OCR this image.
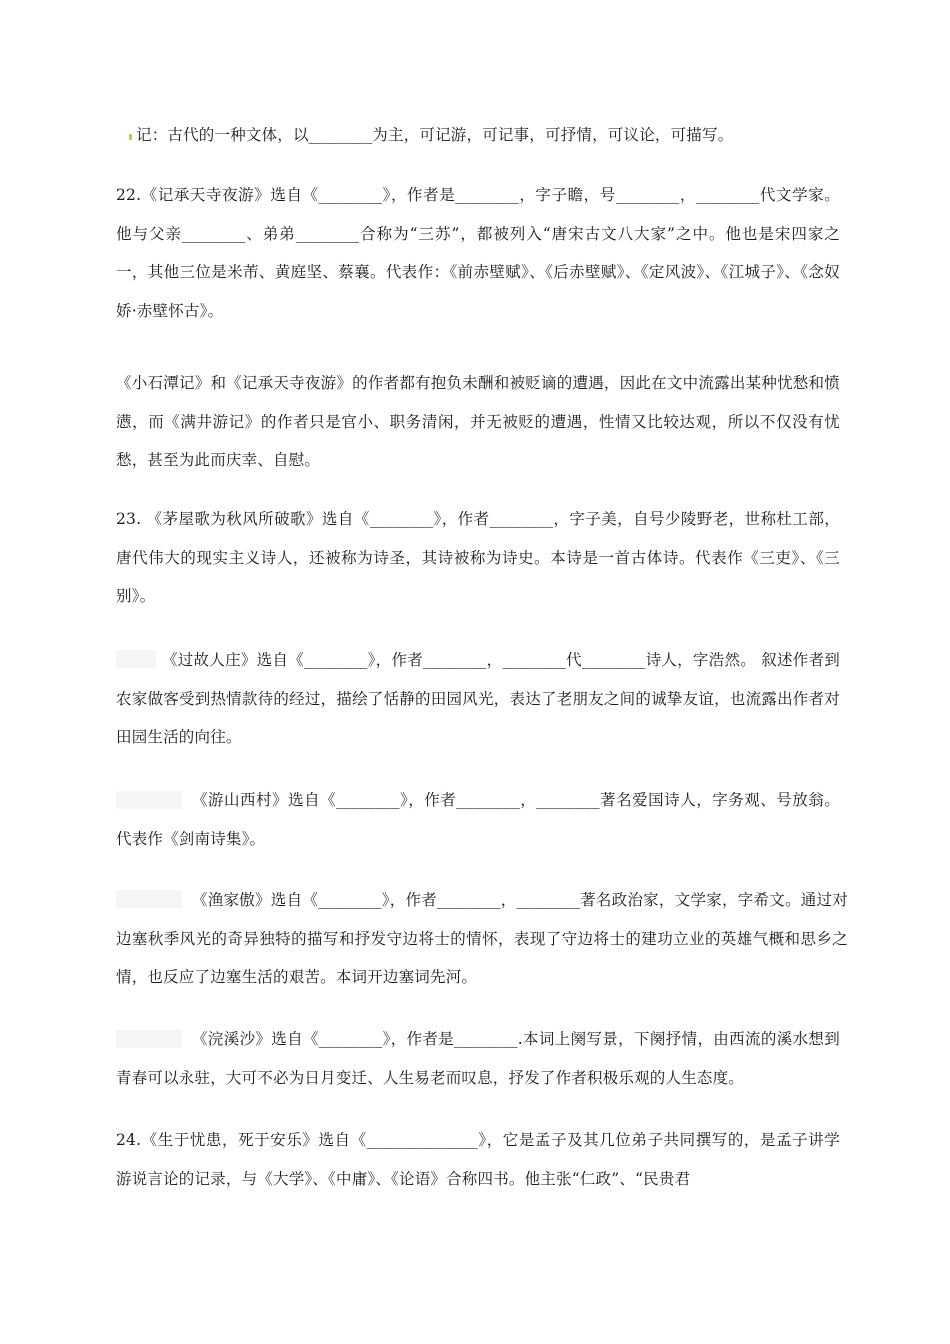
记：古代的一种文体，以________为主，可记游，可记事，可抒情，可议论，可描写。

22.《记承天寺夜游》选自《________》，作者是________，字子瞻，号________，________代文学家。他与父亲________、弟弟________合称为“三苏”，都被列入“唐宋古文八大家”之中。他也是宋四家之一，其他三位是米芾、黄庭坚、蔡襄。代表作：《前赤壁赋》、《后赤壁赋》、《定风波》、《江城子》、《念奴娇·赤壁怀古》。

《小石潭记》和《记承天寺夜游》的作者都有抱负未酬和被贬谪的遭遇，因此在文中流露出某种忧愁和愤懑，而《满井游记》的作者只是官小、职务清闲，并无被贬的遭遇，性情又比较达观，所以不仅没有忧愁，甚至为此而庆幸、自慰。

23. 《茅屋歌为秋风所破歌》选自《________》，作者________，字子美，自号少陵野老，世称杜工部，唐代伟大的现实主义诗人，还被称为诗圣，其诗被称为诗史。本诗是一首古体诗。代表作《三吏》、《三别》。

《过故人庄》选自《________》，作者________，________代________诗人，字浩然。 叙述作者到农家做客受到热情款待的经过，描绘了恬静的田园风光，表达了老朋友之间的诚挚友谊，也流露出作者对田园生活的向往。

《游山西村》选自《________》，作者________，________著名爱国诗人，字务观、号放翁。代表作《剑南诗集》。

《渔家傲》选自《________》，作者________，________著名政治家，文学家，字希文。通过对边塞秋季风光的奇异独特的描写和抒发守边将士的情怀，表现了守边将士的建功立业的英雄气概和思乡之情，也反应了边塞生活的艰苦。本词开边塞词先河。

《浣溪沙》选自《________》，作者是________.本词上阕写景，下阕抒情，由西流的溪水想到青春可以永驻，大可不必为日月变迁、人生易老而叹息，抒发了作者积极乐观的人生态度。

24.《生于忧患，死于安乐》选自《______________》，它是孟子及其几位弟子共同撰写的，是孟子讲学游说言论的记录，与《大学》、《中庸》、《论语》合称四书。他主张“仁政”、“民贵君
